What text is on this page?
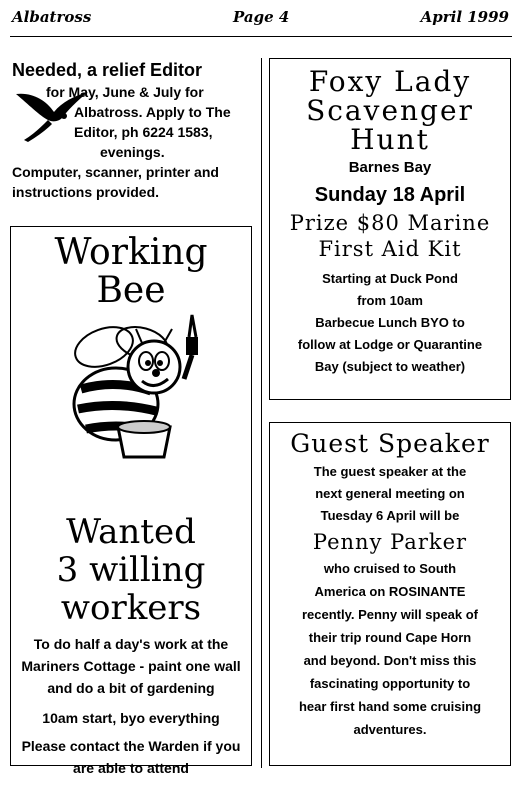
Albatross	Page 4	April 1999
Needed, a relief Editor
for May, June & July for
Albatross. Apply to The
Editor, ph 6224 1583,
evenings.
Computer, scanner, printer and
instructions provided.
Working
Bee
Wanted
3 willing
workers
To do half a day's work at the
Mariners Cottage - paint one wall
and do a bit of gardening
10am start, byo everything
Please contact the Warden if you
are able to attend
Foxy Lady
Scavenger
Hunt
Barnes Bay
Sunday 18 April
Prize $80 Marine
First Aid Kit
Starting at Duck Pond
from 10am
Barbecue Lunch BYO to
follow at Lodge or Quarantine
Bay (subject to weather)
Guest Speaker
The guest speaker at the
next general meeting on
Tuesday 6 April will be
Penny Parker
who cruised to South
America on ROSINANTE
recently. Penny will speak of
their trip round Cape Horn
and beyond. Don't miss this
fascinating opportunity to
hear first hand some cruising
adventures.
